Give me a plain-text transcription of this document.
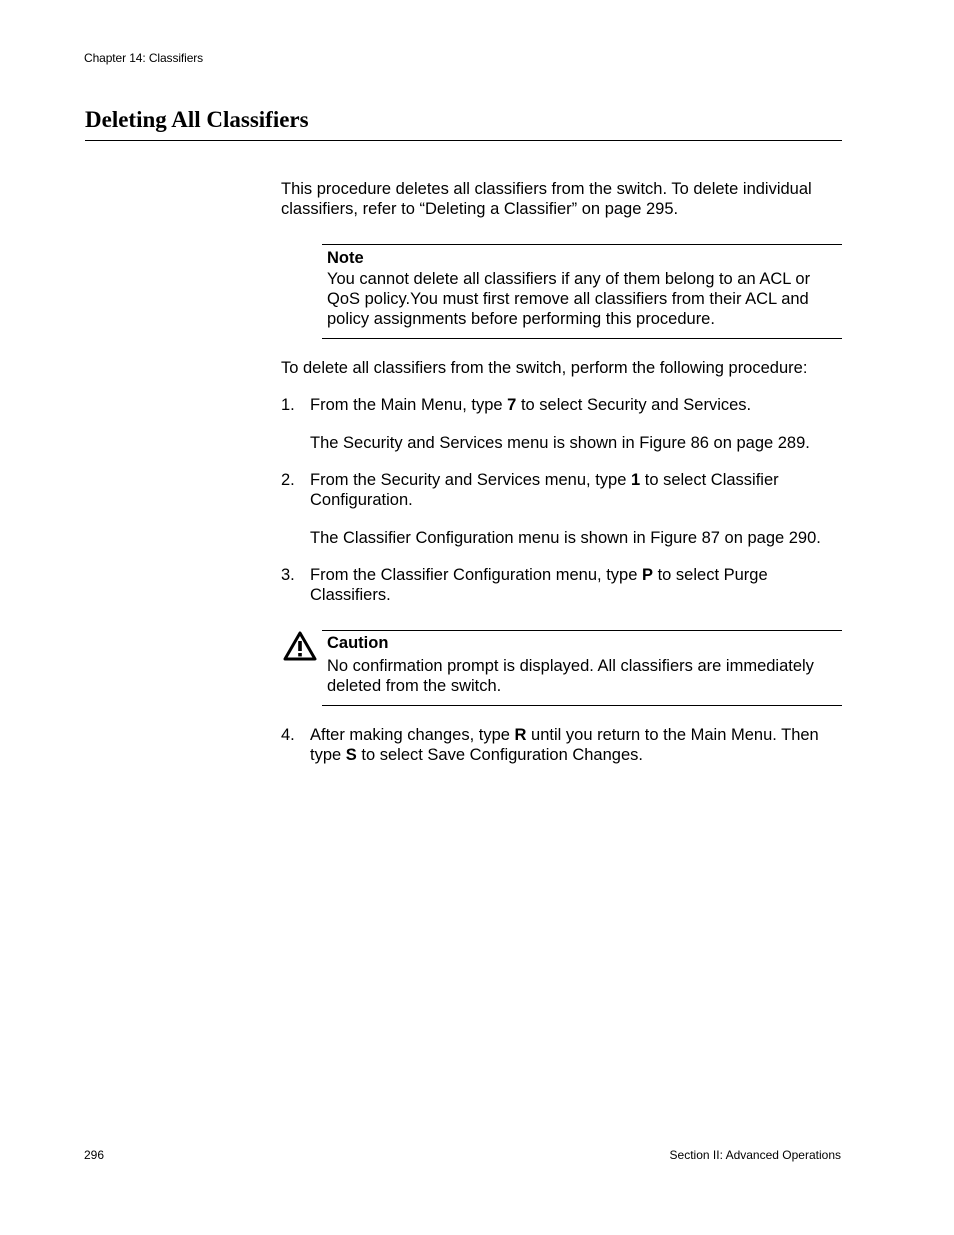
Chapter 14: Classifiers
Deleting All Classifiers

This procedure deletes all classifiers from the switch. To delete individual classifiers, refer to “Deleting a Classifier” on page 295.

Note

You cannot delete all classifiers if any of them belong to an ACL or QoS policy.You must first remove all classifiers from their ACL and policy assignments before performing this procedure.

To delete all classifiers from the switch, perform the following procedure:

1. From the Main Menu, type 7 to select Security and Services.

The Security and Services menu is shown in Figure 86 on page 289.

2. From the Security and Services menu, type 1 to select Classifier Configuration.

The Classifier Configuration menu is shown in Figure 87 on page 290.

3. From the Classifier Configuration menu, type P to select Purge Classifiers.

Caution

No confirmation prompt is displayed. All classifiers are immediately deleted from the switch.

4. After making changes, type R until you return to the Main Menu. Then type S to select Save Configuration Changes.

296	Section II: Advanced Operations
